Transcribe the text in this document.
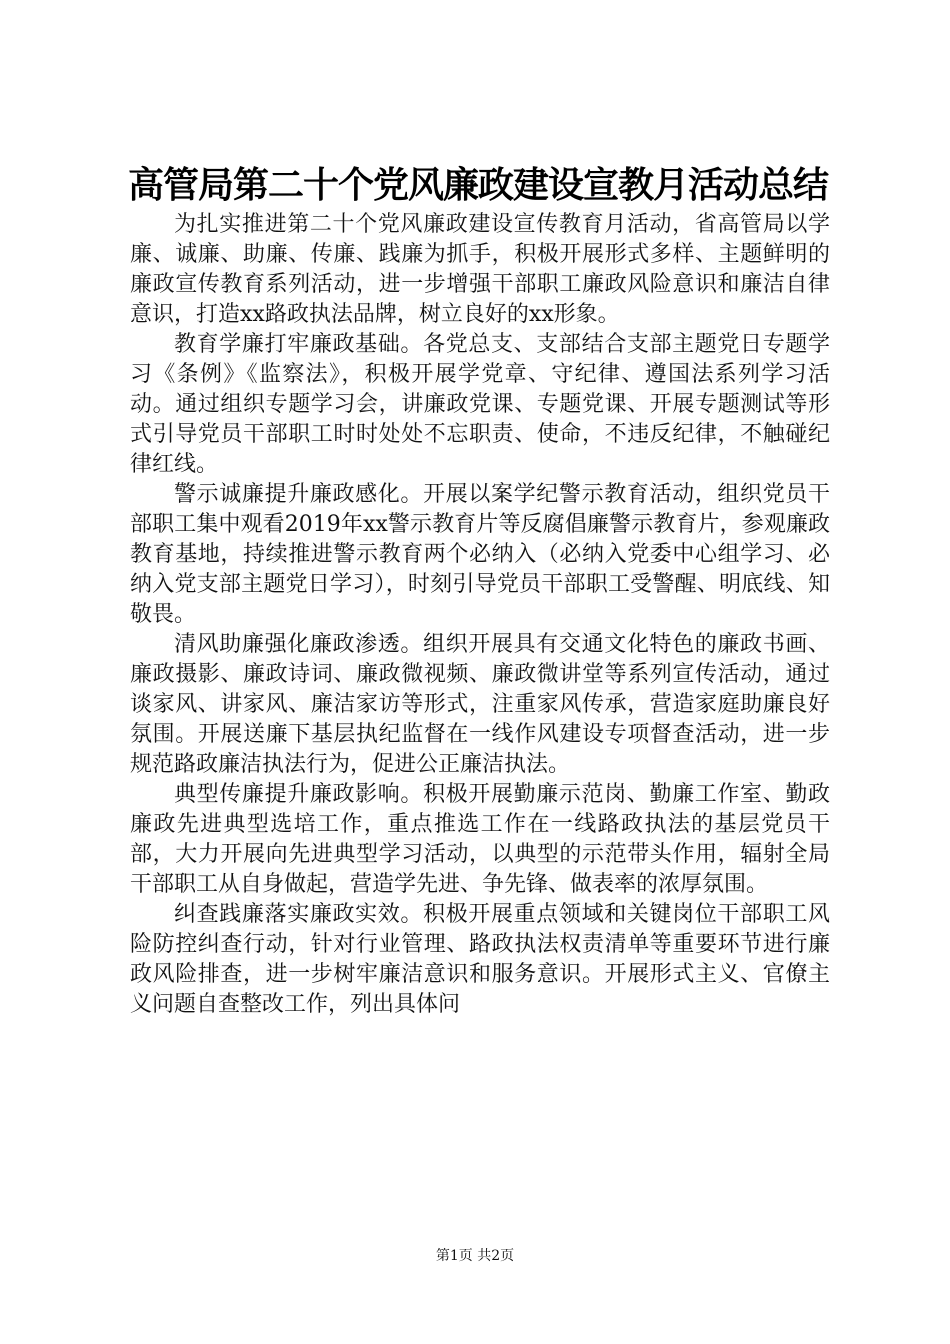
高管局第二十个党风廉政建设宣教月活动总结

为扎实推进第二十个党风廉政建设宣传教育月活动，省高管局以学廉、诚廉、助廉、传廉、践廉为抓手，积极开展形式多样、主题鲜明的廉政宣传教育系列活动，进一步增强干部职工廉政风险意识和廉洁自律意识，打造xx路政执法品牌，树立良好的xx形象。

教育学廉打牢廉政基础。各党总支、支部结合支部主题党日专题学习《条例》《监察法》，积极开展学党章、守纪律、遵国法系列学习活动。通过组织专题学习会，讲廉政党课、专题党课、开展专题测试等形式引导党员干部职工时时处处不忘职责、使命，不违反纪律，不触碰纪律红线。

警示诚廉提升廉政感化。开展以案学纪警示教育活动，组织党员干部职工集中观看2019年xx警示教育片等反腐倡廉警示教育片，参观廉政教育基地，持续推进警示教育两个必纳入（必纳入党委中心组学习、必纳入党支部主题党日学习），时刻引导党员干部职工受警醒、明底线、知敬畏。

清风助廉强化廉政渗透。组织开展具有交通文化特色的廉政书画、廉政摄影、廉政诗词、廉政微视频、廉政微讲堂等系列宣传活动，通过谈家风、讲家风、廉洁家访等形式，注重家风传承，营造家庭助廉良好氛围。开展送廉下基层执纪监督在一线作风建设专项督查活动，进一步规范路政廉洁执法行为，促进公正廉洁执法。

典型传廉提升廉政影响。积极开展勤廉示范岗、勤廉工作室、勤政廉政先进典型选培工作，重点推选工作在一线路政执法的基层党员干部，大力开展向先进典型学习活动，以典型的示范带头作用，辐射全局干部职工从自身做起，营造学先进、争先锋、做表率的浓厚氛围。

纠查践廉落实廉政实效。积极开展重点领域和关键岗位干部职工风险防控纠查行动，针对行业管理、路政执法权责清单等重要环节进行廉政风险排查，进一步树牢廉洁意识和服务意识。开展形式主义、官僚主义问题自查整改工作，列出具体问

第1页 共2页
